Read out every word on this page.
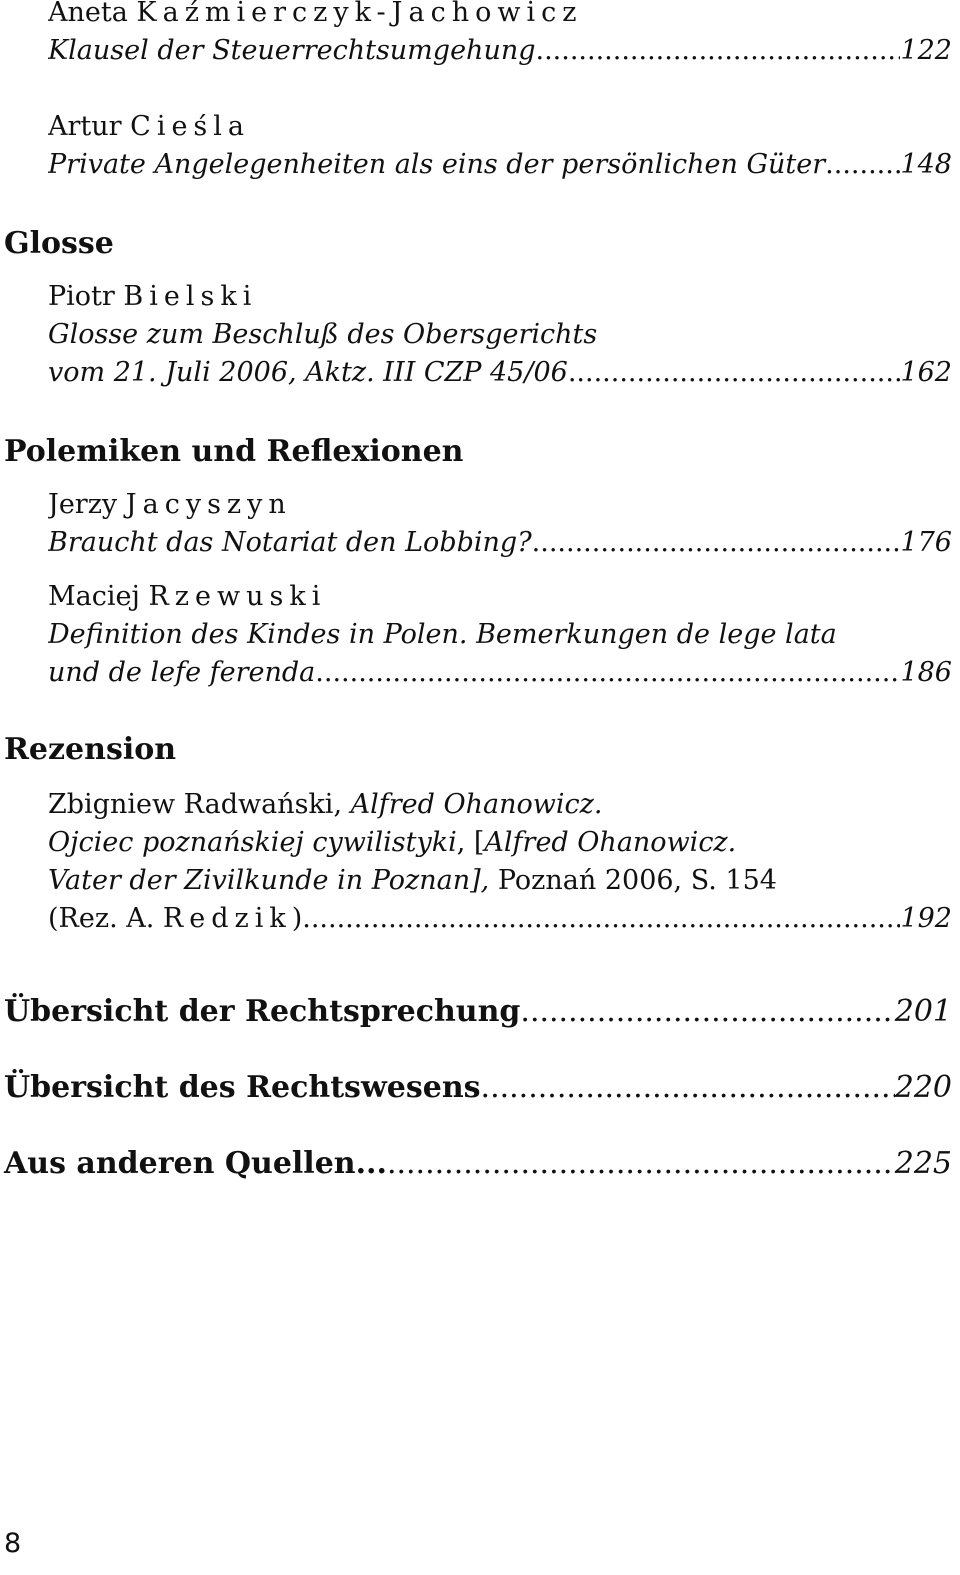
Aneta Kaźmierczyk-Jachowicz
Klausel der Steuerrechtsumgehung .....	122
Artur Cieśla
Private Angelegenheiten als eins der persönlichen Güter .....	148
Glosse
Piotr Bielski
Glosse zum Beschluß des Obersgerichts
vom 21. Juli 2006, Aktz. III CZP 45/06 .....	162
Polemiken und Reflexionen
Jerzy Jacyszyn
Braucht das Notariat den Lobbing? .....	176
Maciej Rzewuski
Definition des Kindes in Polen. Bemerkungen de lege lata
und de lefe ferenda .....	186
Rezension
Zbigniew Radwański, Alfred Ohanowicz.
Ojciec poznańskiej cywilistyki, [Alfred Ohanowicz.
Vater der Zivilkunde in Poznan], Poznań 2006, S. 154
(Rez. A. Redzik) .....	192
Übersicht der Rechtsprechung .....	201
Übersicht des Rechtswesens .....	220
Aus anderen Quellen... .....	225
8
